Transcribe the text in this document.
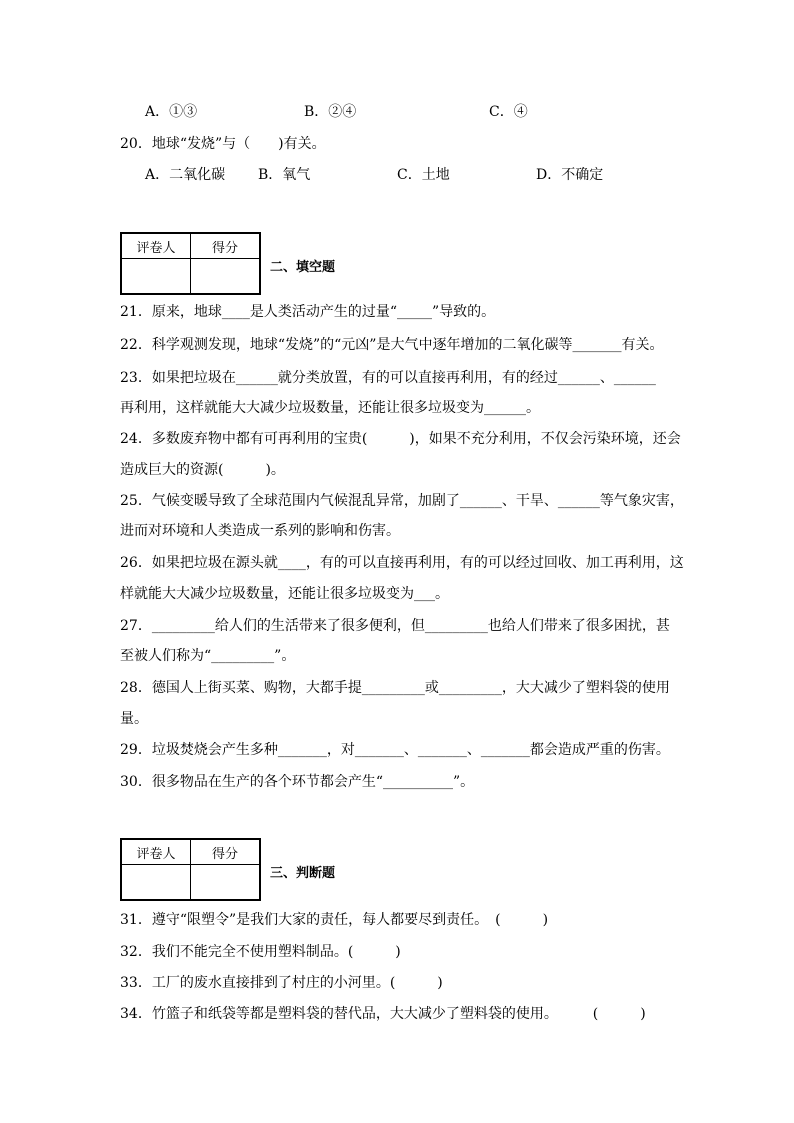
A．①③	B．②④	C．④
20．地球“发烧”与（　　)有关。
A．二氧化碳 B．氧气	C．土地	D．不确定
评卷人	得分

二、填空题
21．原来，地球____是人类活动产生的过量“_____”导致的。
22．科学观测发现，地球“发烧”的“元凶”是大气中逐年增加的二氧化碳等_______有关。
23．如果把垃圾在______就分类放置，有的可以直接再利用，有的经过______、______
再利用，这样就能大大减少垃圾数量，还能让很多垃圾变为______。
24．多数废弃物中都有可再利用的宝贵(　　　)，如果不充分利用，不仅会污染环境，还会
造成巨大的资源(　　　)。
25．气候变暖导致了全球范围内气候混乱异常，加剧了______、干旱、______等气象灾害，
进而对环境和人类造成一系列的影响和伤害。
26．如果把垃圾在源头就____，有的可以直接再利用，有的可以经过回收、加工再利用，这
样就能大大减少垃圾数量，还能让很多垃圾变为___。
27．_________给人们的生活带来了很多便利，但_________也给人们带来了很多困扰，甚
至被人们称为“_________”。
28．德国人上街买菜、购物，大都手提_________或_________，大大减少了塑料袋的使用
量。
29．垃圾焚烧会产生多种_______，对_______、_______、_______都会造成严重的伤害。
30．很多物品在生产的各个环节都会产生“__________”。
评卷人	得分

三、判断题
31．遵守“限塑令”是我们大家的责任，每人都要尽到责任。　(　　　)
32．我们不能完全不使用塑料制品。(　　　)
33．工厂的废水直接排到了村庄的小河里。(　　　)
34．竹篮子和纸袋等都是塑料袋的替代品，大大减少了塑料袋的使用。　　　(　　　)
